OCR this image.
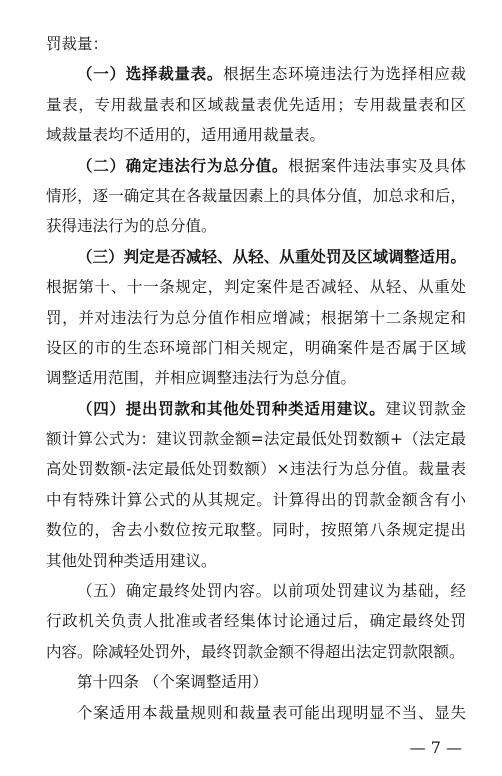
罚裁量：
（一）选择裁量表。根据生态环境违法行为选择相应裁
量表，专用裁量表和区域裁量表优先适用；专用裁量表和区
域裁量表均不适用的，适用通用裁量表。
（二）确定违法行为总分值。根据案件违法事实及具体
情形，逐一确定其在各裁量因素上的具体分值，加总求和后，
获得违法行为的总分值。
（三）判定是否减轻、从轻、从重处罚及区域调整适用。
根据第十、十一条规定，判定案件是否减轻、从轻、从重处
罚，并对违法行为总分值作相应增减；根据第十二条规定和
设区的市的生态环境部门相关规定，明确案件是否属于区域
调整适用范围，并相应调整违法行为总分值。
（四）提出罚款和其他处罚种类适用建议。建议罚款金
额计算公式为：建议罚款金额=法定最低处罚数额+（法定最
高处罚数额-法定最低处罚数额）×违法行为总分值。裁量表
中有特殊计算公式的从其规定。计算得出的罚款金额含有小
数位的，舍去小数位按元取整。同时，按照第八条规定提出
其他处罚种类适用建议。
（五）确定最终处罚内容。以前项处罚建议为基础，经
行政机关负责人批准或者经集体讨论通过后，确定最终处罚
内容。除减轻处罚外，最终罚款金额不得超出法定罚款限额。
第十四条 （个案调整适用）
个案适用本裁量规则和裁量表可能出现明显不当、显失
— 7 —
